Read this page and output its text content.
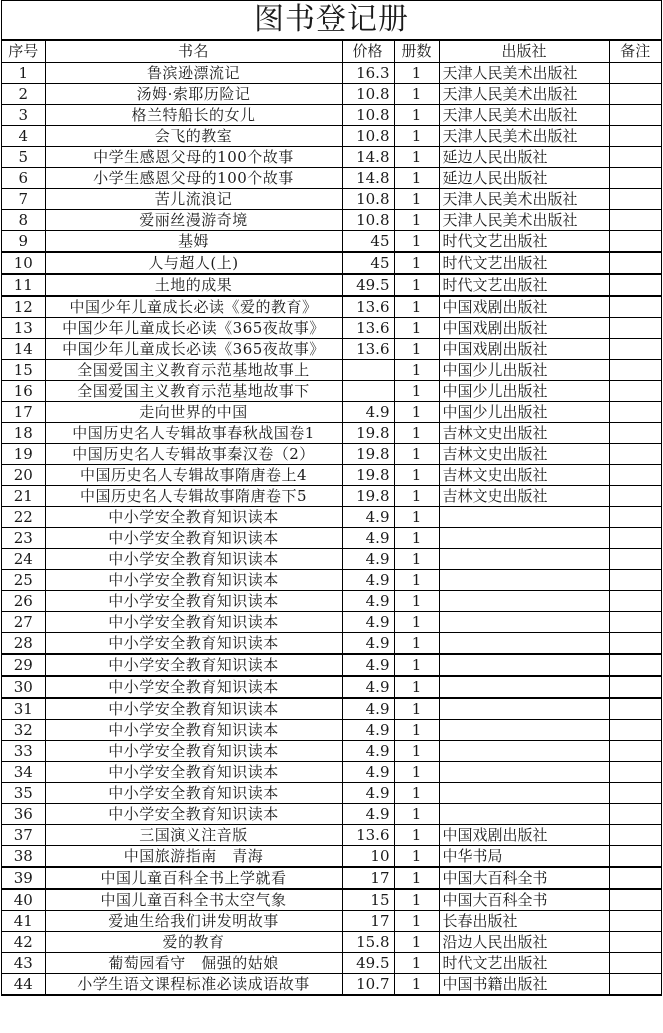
图书登记册
序号	书名	价格	册数	出版社	备注
1	鲁滨逊漂流记	16.3	1	天津人民美术出版社	
2	汤姆·索耶历险记	10.8	1	天津人民美术出版社	
3	格兰特船长的女儿	10.8	1	天津人民美术出版社	
4	会飞的教室	10.8	1	天津人民美术出版社	
5	中学生感恩父母的100个故事	14.8	1	延边人民出版社	
6	小学生感恩父母的100个故事	14.8	1	延边人民出版社	
7	苦儿流浪记	10.8	1	天津人民美术出版社	
8	爱丽丝漫游奇境	10.8	1	天津人民美术出版社	
9	基姆	45	1	时代文艺出版社	
10	人与超人(上)	45	1	时代文艺出版社	
11	土地的成果	49.5	1	时代文艺出版社	
12	中国少年儿童成长必读《爱的教育》	13.6	1	中国戏剧出版社	
13	中国少年儿童成长必读《365夜故事》	13.6	1	中国戏剧出版社	
14	中国少年儿童成长必读《365夜故事》	13.6	1	中国戏剧出版社	
15	全国爱国主义教育示范基地故事上		1	中国少儿出版社	
16	全国爱国主义教育示范基地故事下		1	中国少儿出版社	
17	走向世界的中国	4.9	1	中国少儿出版社	
18	中国历史名人专辑故事春秋战国卷1	19.8	1	吉林文史出版社	
19	中国历史名人专辑故事秦汉卷（2）	19.8	1	吉林文史出版社	
20	中国历史名人专辑故事隋唐卷上4	19.8	1	吉林文史出版社	
21	中国历史名人专辑故事隋唐卷下5	19.8	1	吉林文史出版社	
22	中小学安全教育知识读本	4.9	1		
23	中小学安全教育知识读本	4.9	1		
24	中小学安全教育知识读本	4.9	1		
25	中小学安全教育知识读本	4.9	1		
26	中小学安全教育知识读本	4.9	1		
27	中小学安全教育知识读本	4.9	1		
28	中小学安全教育知识读本	4.9	1		
29	中小学安全教育知识读本	4.9	1		
30	中小学安全教育知识读本	4.9	1		
31	中小学安全教育知识读本	4.9	1		
32	中小学安全教育知识读本	4.9	1		
33	中小学安全教育知识读本	4.9	1		
34	中小学安全教育知识读本	4.9	1		
35	中小学安全教育知识读本	4.9	1		
36	中小学安全教育知识读本	4.9	1		
37	三国演义注音版	13.6	1	中国戏剧出版社	
38	中国旅游指南　青海	10	1	中华书局	
39	中国儿童百科全书上学就看	17	1	中国大百科全书	
40	中国儿童百科全书太空气象	15	1	中国大百科全书	
41	爱迪生给我们讲发明故事	17	1	长春出版社	
42	爱的教育	15.8	1	沿边人民出版社	
43	葡萄园看守　倔强的姑娘	49.5	1	时代文艺出版社	
44	小学生语文课程标准必读成语故事	10.7	1	中国书籍出版社	
